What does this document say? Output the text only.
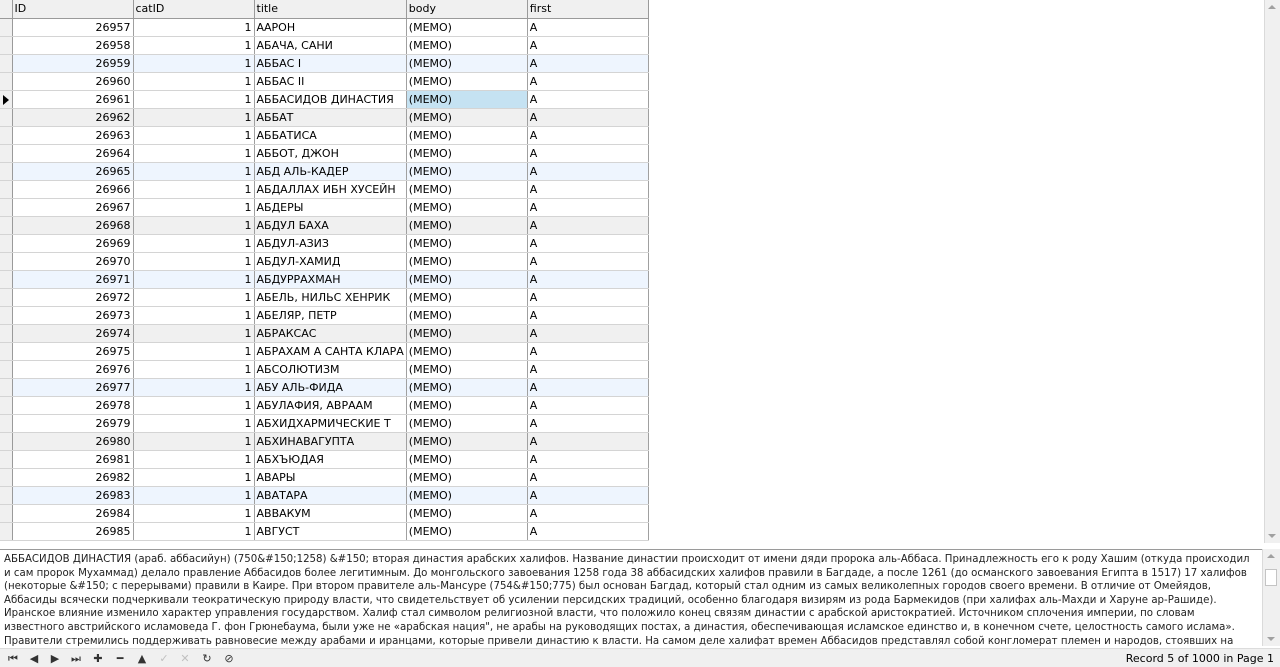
	ID	catID	title	body	first
	26957	1	ААРОН	(MEMO)	A
	26958	1	АБАЧА, САНИ	(MEMO)	A
	26959	1	АББАС I	(MEMO)	A
	26960	1	АББАС II	(MEMO)	A
	26961	1	АББАСИДОВ ДИНАСТИЯ	(MEMO)	A
	26962	1	АББАТ	(MEMO)	A
	26963	1	АББАТИСА	(MEMO)	A
	26964	1	АББОТ, ДЖОН	(MEMO)	A
	26965	1	АБД АЛЬ-КАДЕР	(MEMO)	A
	26966	1	АБДАЛЛАХ ИБН ХУСЕЙН	(MEMO)	A
	26967	1	АБДЕРЫ	(MEMO)	A
	26968	1	АБДУЛ БАХА	(MEMO)	A
	26969	1	АБДУЛ-АЗИЗ	(MEMO)	A
	26970	1	АБДУЛ-ХАМИД	(MEMO)	A
	26971	1	АБДУРРАХМАН	(MEMO)	A
	26972	1	АБЕЛЬ, НИЛЬС ХЕНРИК	(MEMO)	A
	26973	1	АБЕЛЯР, ПЕТР	(MEMO)	A
	26974	1	АБРАКСАС	(MEMO)	A
	26975	1	АБРАХАМ А САНТА КЛАРА	(MEMO)	A
	26976	1	АБСОЛЮТИЗМ	(MEMO)	A
	26977	1	АБУ АЛЬ-ФИДА	(MEMO)	A
	26978	1	АБУЛАФИЯ, АВРААМ	(MEMO)	A
	26979	1	АБХИДХАРМИЧЕСКИЕ Т	(MEMO)	A
	26980	1	АБХИНАВАГУПТА	(MEMO)	A
	26981	1	АБХЪЮДАЯ	(MEMO)	A
	26982	1	АВАРЫ	(MEMO)	A
	26983	1	АВАТАРА	(MEMO)	A
	26984	1	АВВАКУМ	(MEMO)	A
	26985	1	АВГУСТ	(MEMO)	A
АББАСИДОВ ДИНАСТИЯ (араб. аббасийун) (750&#150;1258) &#150; вторая династия арабских халифов. Название династии происходит от имени дяди пророка аль-Аббаса. Принадлежность его к роду Хашим (откуда происходил и сам пророк Мухаммад) делало правление Аббасидов более легитимным. До монгольского завоевания 1258 года 38 аббасидских халифов правили в Багдаде, а после 1261 (до османского завоевания Египта в 1517) 17 халифов (некоторые &#150; с перерывами) правили в Каире. При втором правителе аль-Мансуре (754&#150;775) был основан Багдад, который стал одним из самых великолепных городов своего времени. В отличие от Омейядов, Аббасиды всячески подчеркивали теократическую природу власти, что свидетельствует об усилении персидских традиций, особенно благодаря визирям из рода Бармекидов (при халифах аль-Махди и Харуне ар-Рашиде). Иранское влияние изменило характер управления государством. Халиф стал символом религиозной власти, что положило конец связям династии с арабской аристократией. Источником сплочения империи, по словам известного австрийского исламоведа Г. фон Грюнебаума, были уже не «арабская нация", не арабы на руководящих постах, а династия, обеспечивающая исламское единство и, в конечном счете, целостность самого ислама». Правители стремились поддерживать равновесие между арабами и иранцами, которые привели династию к власти. На самом деле халифат времен Аббасидов представлял собой конгломерат племен и народов, стоявших на
⏮	◀	▶	⏭	✚	━	▲	✓	✕	↻	⊘	Record 5 of 1000 in Page 1
